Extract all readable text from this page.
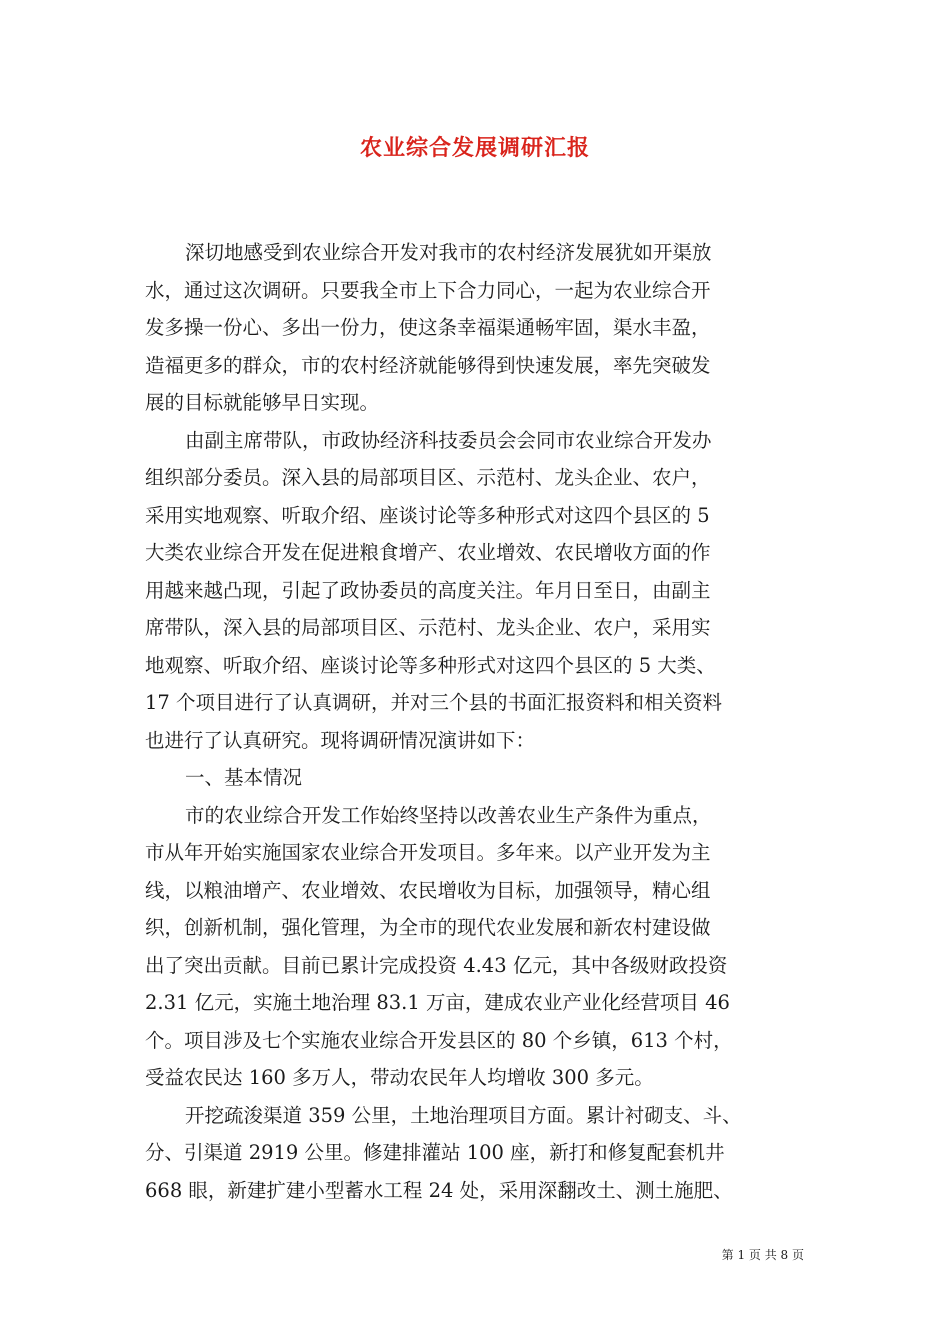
农业综合发展调研汇报
深切地感受到农业综合开发对我市的农村经济发展犹如开渠放
水，通过这次调研。只要我全市上下合力同心，一起为农业综合开
发多操一份心、多出一份力，使这条幸福渠通畅牢固，渠水丰盈，
造福更多的群众，市的农村经济就能够得到快速发展，率先突破发
展的目标就能够早日实现。
由副主席带队，市政协经济科技委员会会同市农业综合开发办
组织部分委员。深入县的局部项目区、示范村、龙头企业、农户，
采用实地观察、听取介绍、座谈讨论等多种形式对这四个县区的 5
大类农业综合开发在促进粮食增产、农业增效、农民增收方面的作
用越来越凸现，引起了政协委员的高度关注。年月日至日，由副主
席带队，深入县的局部项目区、示范村、龙头企业、农户，采用实
地观察、听取介绍、座谈讨论等多种形式对这四个县区的 5 大类、
17 个项目进行了认真调研，并对三个县的书面汇报资料和相关资料
也进行了认真研究。现将调研情况演讲如下：
一、基本情况
市的农业综合开发工作始终坚持以改善农业生产条件为重点，
市从年开始实施国家农业综合开发项目。多年来。以产业开发为主
线，以粮油增产、农业增效、农民增收为目标，加强领导，精心组
织，创新机制，强化管理，为全市的现代农业发展和新农村建设做
出了突出贡献。目前已累计完成投资 4.43 亿元，其中各级财政投资
2.31 亿元，实施土地治理 83.1 万亩，建成农业产业化经营项目 46
个。项目涉及七个实施农业综合开发县区的 80 个乡镇，613 个村，
受益农民达 160 多万人，带动农民年人均增收 300 多元。
开挖疏浚渠道 359 公里，土地治理项目方面。累计衬砌支、斗、
分、引渠道 2919 公里。修建排灌站 100 座，新打和修复配套机井
668 眼，新建扩建小型蓄水工程 24 处，采用深翻改土、测土施肥、
第 1 页 共 8 页
